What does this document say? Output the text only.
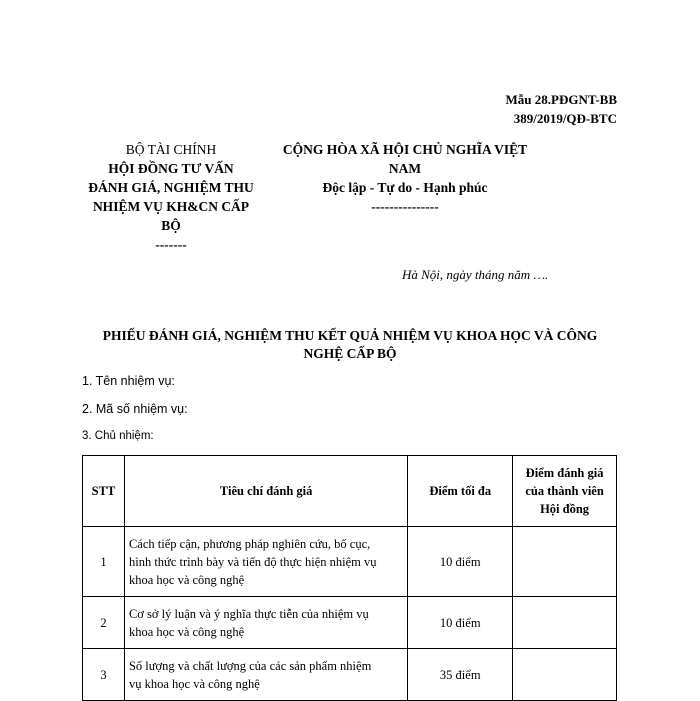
Mẫu 28.PĐGNT-BB
389/2019/QĐ-BTC
BỘ TÀI CHÍNH
HỘI ĐỒNG TƯ VẤN
ĐÁNH GIÁ, NGHIỆM THU
NHIỆM VỤ KH&CN CẤP
BỘ
-------
CỘNG HÒA XÃ HỘI CHỦ NGHĨA VIỆT NAM
Độc lập - Tự do - Hạnh phúc
---------------
Hà Nội, ngày tháng năm ….
PHIẾU ĐÁNH GIÁ, NGHIỆM THU KẾT QUẢ NHIỆM VỤ KHOA HỌC VÀ CÔNG
NGHỆ CẤP BỘ
1. Tên nhiệm vụ:
2. Mã số nhiệm vụ:
3. Chủ nhiệm:
STT	Tiêu chí đánh giá	Điểm tối đa	Điểm đánh giá
của thành viên
Hội đồng

1	Cách tiếp cận, phương pháp nghiên cứu, bố cục,
hình thức trình bày và tiến độ thực hiện nhiệm vụ
khoa học và công nghệ	10 điểm	
2	Cơ sở lý luận và ý nghĩa thực tiễn của nhiệm vụ
khoa học và công nghệ	10 điểm	
3	Số lượng và chất lượng của các sản phẩm nhiệm
vụ khoa học và công nghệ	35 điểm	
